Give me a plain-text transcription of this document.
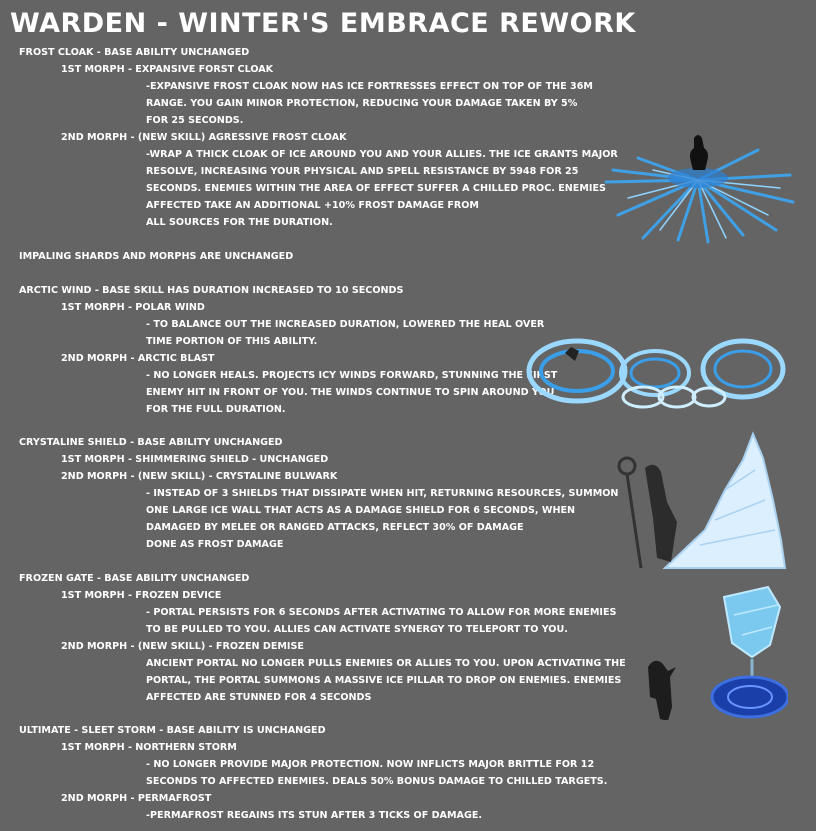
WARDEN - WINTER'S EMBRACE REWORK
FROST CLOAK - BASE ABILITY UNCHANGED
1ST MORPH - EXPANSIVE FORST CLOAK
-EXPANSIVE FROST CLOAK NOW HAS ICE FORTRESSES EFFECT ON TOP OF THE 36M
RANGE. YOU GAIN MINOR PROTECTION, REDUCING YOUR DAMAGE TAKEN BY 5%
FOR 25 SECONDS.
2ND MORPH - (NEW SKILL) AGRESSIVE FROST CLOAK
-WRAP A THICK CLOAK OF ICE AROUND YOU AND YOUR ALLIES. THE ICE GRANTS MAJOR
RESOLVE, INCREASING YOUR PHYSICAL AND SPELL RESISTANCE BY 5948 FOR 25
SECONDS. ENEMIES WITHIN THE AREA OF EFFECT SUFFER A CHILLED PROC. ENEMIES
AFFECTED TAKE AN ADDITIONAL +10% FROST DAMAGE FROM
ALL SOURCES FOR THE DURATION.
IMPALING SHARDS AND MORPHS ARE UNCHANGED
ARCTIC WIND - BASE SKILL HAS DURATION INCREASED TO 10 SECONDS
1ST MORPH - POLAR WIND
- TO BALANCE OUT THE INCREASED DURATION, LOWERED THE HEAL OVER
TIME PORTION OF THIS ABILITY.
2ND MORPH - ARCTIC BLAST
- NO LONGER HEALS. PROJECTS ICY WINDS FORWARD, STUNNING THE FIRST
ENEMY HIT IN FRONT OF YOU. THE WINDS CONTINUE TO SPIN AROUND YOU
FOR THE FULL DURATION.
CRYSTALINE SHIELD - BASE ABILITY UNCHANGED
1ST MORPH - SHIMMERING SHIELD - UNCHANGED
2ND MORPH - (NEW SKILL) - CRYSTALINE BULWARK
- INSTEAD OF 3 SHIELDS THAT DISSIPATE WHEN HIT, RETURNING RESOURCES, SUMMON
ONE LARGE ICE WALL THAT ACTS AS A DAMAGE SHIELD FOR 6 SECONDS, WHEN
DAMAGED BY MELEE OR RANGED ATTACKS, REFLECT 30% OF DAMAGE
DONE AS FROST DAMAGE
FROZEN GATE - BASE ABILITY UNCHANGED
1ST MORPH - FROZEN DEVICE
- PORTAL PERSISTS FOR 6 SECONDS AFTER ACTIVATING TO ALLOW FOR MORE ENEMIES
TO BE PULLED TO YOU. ALLIES CAN ACTIVATE SYNERGY TO TELEPORT TO YOU.
2ND MORPH - (NEW SKILL) - FROZEN DEMISE
ANCIENT PORTAL NO LONGER PULLS ENEMIES OR ALLIES TO YOU. UPON ACTIVATING THE
PORTAL, THE PORTAL SUMMONS A MASSIVE ICE PILLAR TO DROP ON ENEMIES. ENEMIES
AFFECTED ARE STUNNED FOR 4 SECONDS
ULTIMATE - SLEET STORM - BASE ABILITY IS UNCHANGED
1ST MORPH - NORTHERN STORM
- NO LONGER PROVIDE MAJOR PROTECTION. NOW INFLICTS MAJOR BRITTLE FOR 12
SECONDS TO AFFECTED ENEMIES. DEALS 50% BONUS DAMAGE TO CHILLED TARGETS.
2ND MORPH - PERMAFROST
-PERMAFROST REGAINS ITS STUN AFTER 3 TICKS OF DAMAGE.
